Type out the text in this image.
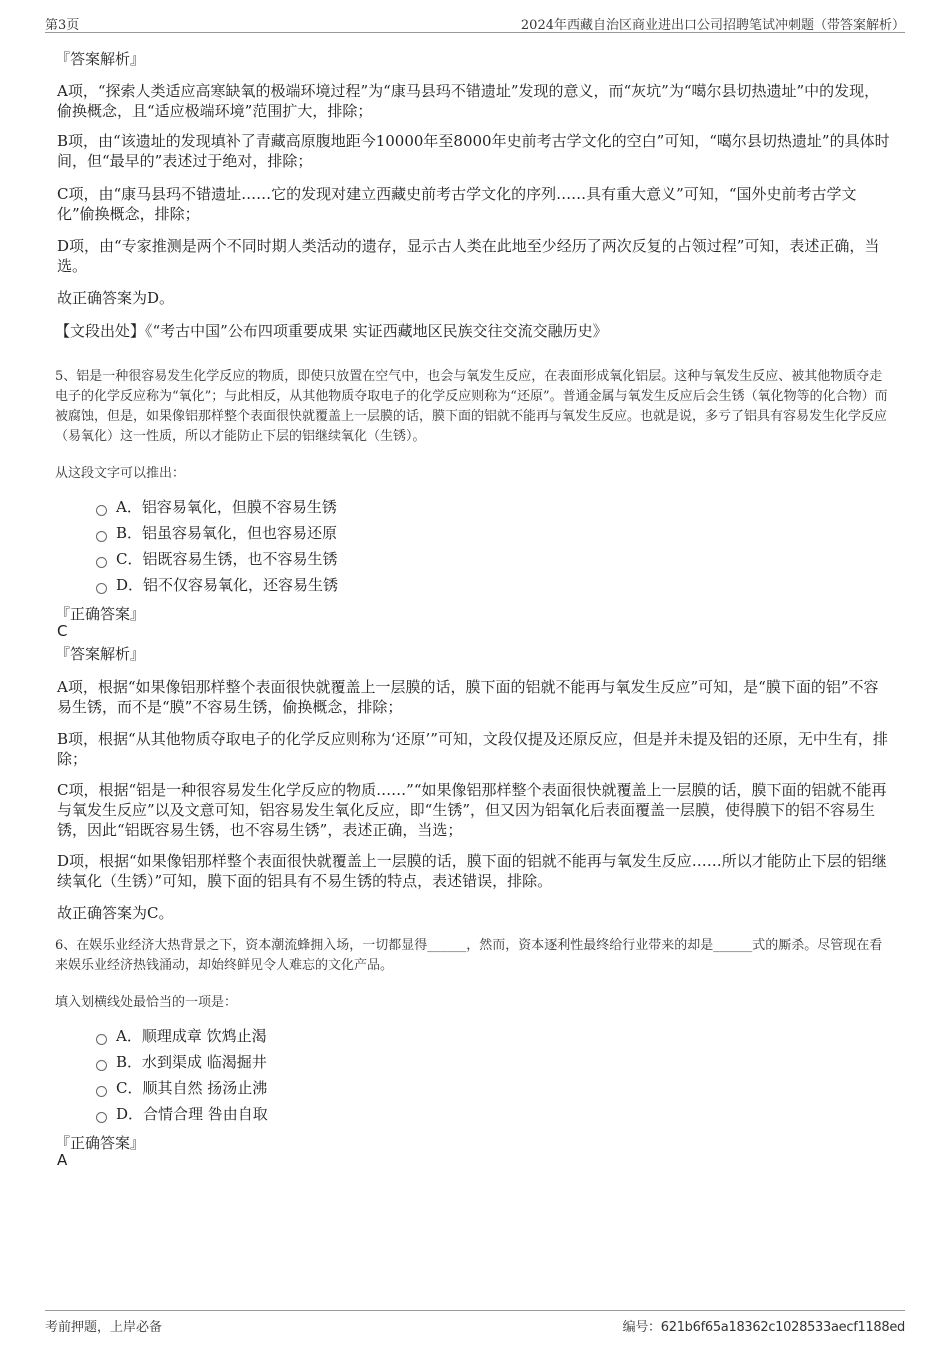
第3页	2024年西藏自治区商业进出口公司招聘笔试冲刺题（带答案解析）
『答案解析』
A项，“探索人类适应高寒缺氧的极端环境过程”为“康马县玛不错遗址”发现的意义，而“灰坑”为“噶尔县切热遗址”中的发现，偷换概念，且“适应极端环境”范围扩大，排除；
B项，由“该遗址的发现填补了青藏高原腹地距今10000年至8000年史前考古学文化的空白”可知，“噶尔县切热遗址”的具体时间，但“最早的”表述过于绝对，排除；
C项，由“康马县玛不错遗址……它的发现对建立西藏史前考古学文化的序列……具有重大意义”可知，“国外史前考古学文化”偷换概念，排除；
D项，由“专家推测是两个不同时期人类活动的遗存，显示古人类在此地至少经历了两次反复的占领过程”可知，表述正确，当选。
故正确答案为D。
【文段出处】《“考古中国”公布四项重要成果 实证西藏地区民族交往交流交融历史》
5、铝是一种很容易发生化学反应的物质，即使只放置在空气中，也会与氧发生反应，在表面形成氧化铝层。这种与氧发生反应、被其他物质夺走电子的化学反应称为“氧化”；与此相反，从其他物质夺取电子的化学反应则称为“还原”。普通金属与氧发生反应后会生锈（氧化物等的化合物）而被腐蚀，但是，如果像铝那样整个表面很快就覆盖上一层膜的话，膜下面的铝就不能再与氧发生反应。也就是说，多亏了铝具有容易发生化学反应（易氧化）这一性质，所以才能防止下层的铝继续氧化（生锈）。
从这段文字可以推出：
A．铝容易氧化，但膜不容易生锈
B．铝虽容易氧化，但也容易还原
C．铝既容易生锈，也不容易生锈
D．铝不仅容易氧化，还容易生锈
『正确答案』
C
『答案解析』
A项，根据“如果像铝那样整个表面很快就覆盖上一层膜的话，膜下面的铝就不能再与氧发生反应”可知，是“膜下面的铝”不容易生锈，而不是“膜”不容易生锈，偷换概念，排除；
B项，根据“从其他物质夺取电子的化学反应则称为‘还原’”可知，文段仅提及还原反应，但是并未提及铝的还原，无中生有，排除；
C项，根据“铝是一种很容易发生化学反应的物质……”“如果像铝那样整个表面很快就覆盖上一层膜的话，膜下面的铝就不能再与氧发生反应”以及文意可知，铝容易发生氧化反应，即“生锈”，但又因为铝氧化后表面覆盖一层膜，使得膜下的铝不容易生锈，因此“铝既容易生锈，也不容易生锈”，表述正确，当选；
D项，根据“如果像铝那样整个表面很快就覆盖上一层膜的话，膜下面的铝就不能再与氧发生反应……所以才能防止下层的铝继续氧化（生锈）”可知，膜下面的铝具有不易生锈的特点，表述错误，排除。
故正确答案为C。
6、在娱乐业经济大热背景之下，资本潮流蜂拥入场，一切都显得______，然而，资本逐利性最终给行业带来的却是______式的厮杀。尽管现在看来娱乐业经济热钱涌动，却始终鲜见令人难忘的文化产品。
填入划横线处最恰当的一项是：
A．顺理成章 饮鸩止渴
B．水到渠成 临渴掘井
C．顺其自然 扬汤止沸
D．合情合理 咎由自取
『正确答案』
A
考前押题，上岸必备	编号：621b6f65a18362c1028533aecf1188ed
